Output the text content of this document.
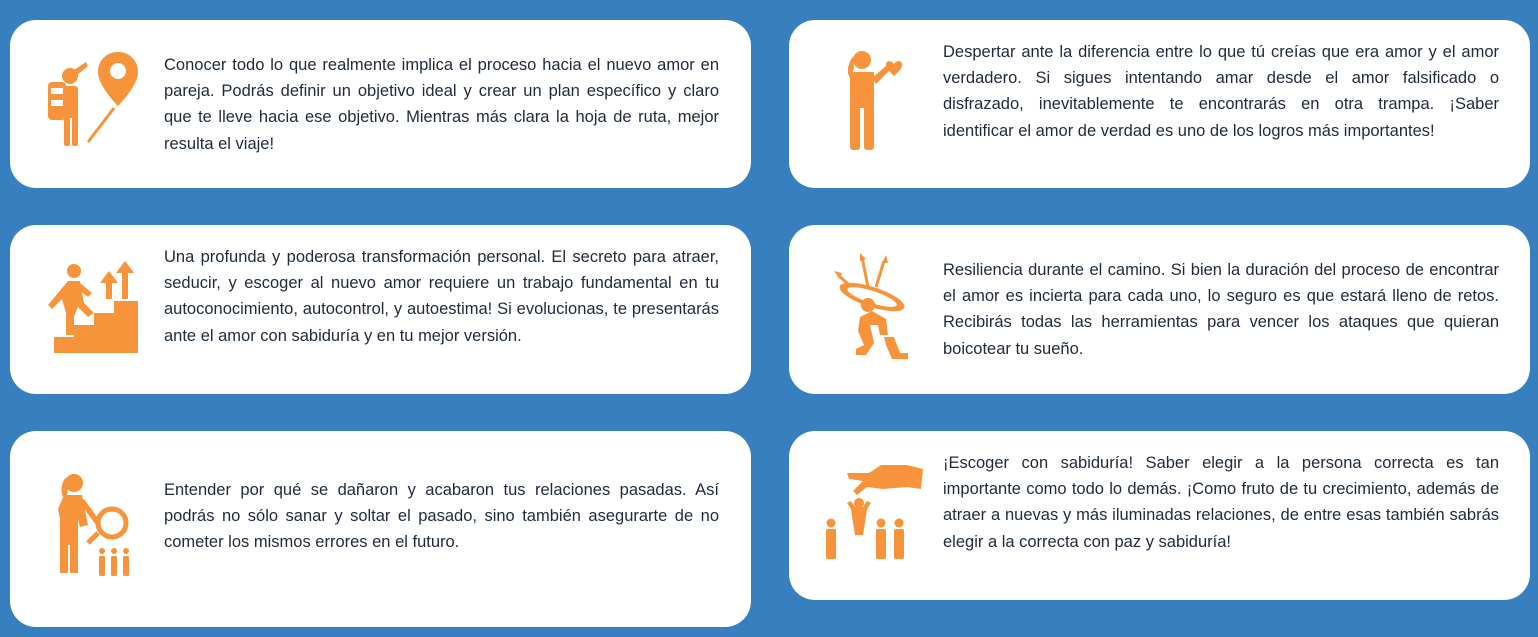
Conocer todo lo que realmente implica el proceso hacia el nuevo amor en pareja. Podrás definir un objetivo ideal y crear un plan específico y claro que te lleve hacia ese objetivo. Mientras más clara la hoja de ruta, mejor resulta el viaje!

Despertar ante la diferencia entre lo que tú creías que era amor y el amor verdadero. Si sigues intentando amar desde el amor falsificado o disfrazado, inevitablemente te encontrarás en otra trampa. ¡Saber identificar el amor de verdad es uno de los logros más importantes!

Una profunda y poderosa transformación personal. El secreto para atraer, seducir, y escoger al nuevo amor requiere un trabajo fundamental en tu autoconocimiento, autocontrol, y autoestima! Si evolucionas, te presentarás ante el amor con sabiduría y en tu mejor versión.

Resiliencia durante el camino. Si bien la duración del proceso de encontrar el amor es incierta para cada uno, lo seguro es que estará lleno de retos. Recibirás todas las herramientas para vencer los ataques que quieran boicotear tu sueño.

Entender por qué se dañaron y acabaron tus relaciones pasadas. Así podrás no sólo sanar y soltar el pasado, sino también asegurarte de no cometer los mismos errores en el futuro.

¡Escoger con sabiduría! Saber elegir a la persona correcta es tan importante como todo lo demás. ¡Como fruto de tu crecimiento, además de atraer a nuevas y más iluminadas relaciones, de entre esas también sabrás elegir a la correcta con paz y sabiduría!
